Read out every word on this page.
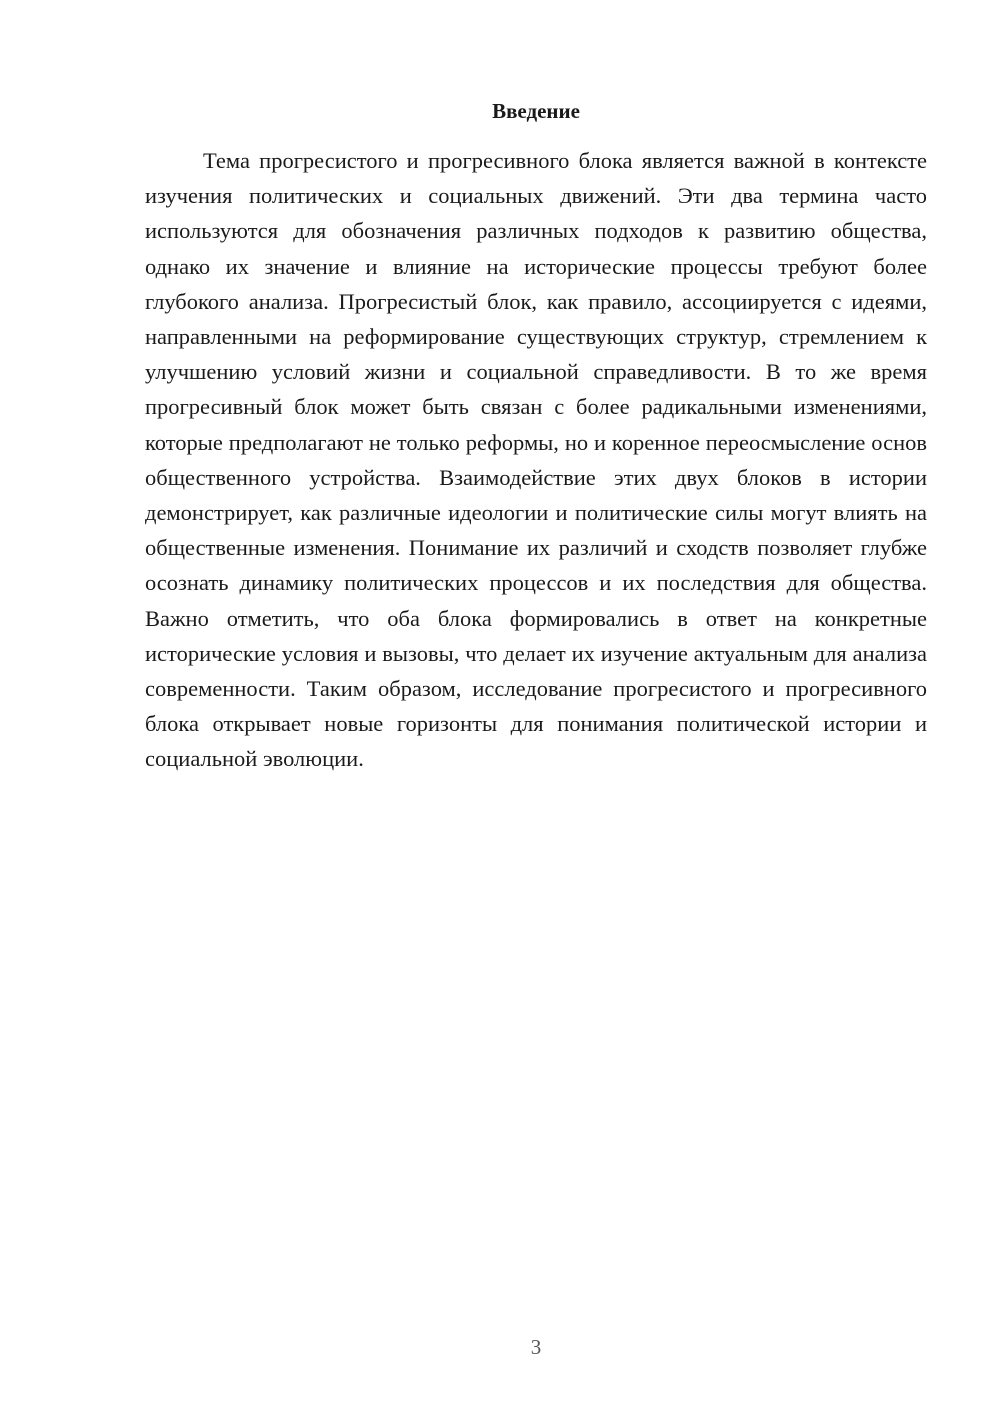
Введение

Тема прогресистого и прогресивного блока является важной в контексте изучения политических и социальных движений. Эти два термина часто используются для обозначения различных подходов к развитию общества, однако их значение и влияние на исторические процессы требуют более глубокого анализа. Прогресистый блок, как правило, ассоциируется с идеями, направленными на реформирование существующих структур, стремлением к улучшению условий жизни и социальной справедливости. В то же время прогресивный блок может быть связан с более радикальными изменениями, которые предполагают не только реформы, но и коренное переосмысление основ общественного устройства. Взаимодействие этих двух блоков в истории демонстрирует, как различные идеологии и политические силы могут влиять на общественные изменения. Понимание их различий и сходств позволяет глубже осознать динамику политических процессов и их последствия для общества. Важно отметить, что оба блока формировались в ответ на конкретные исторические условия и вызовы, что делает их изучение актуальным для анализа современности. Таким образом, исследование прогресистого и прогресивного блока открывает новые горизонты для понимания политической истории и социальной эволюции.

3
